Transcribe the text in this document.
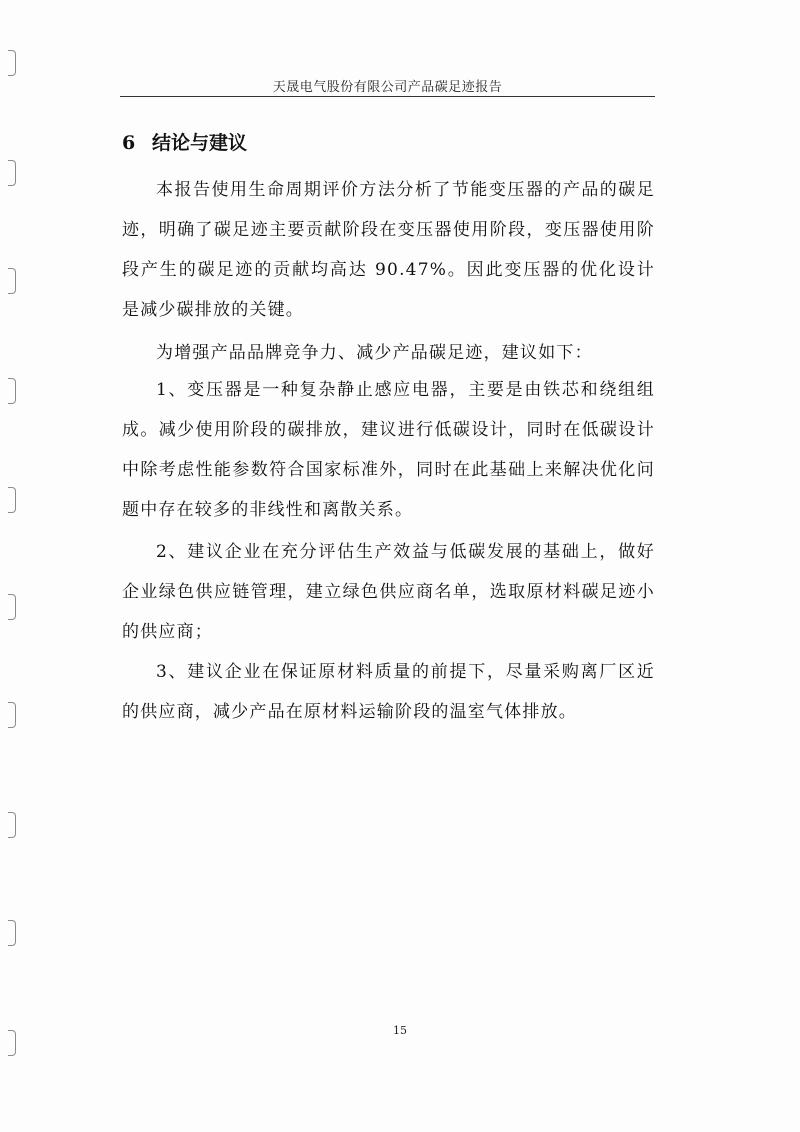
天晟电气股份有限公司产品碳足迹报告
6 结论与建议

本报告使用生命周期评价方法分析了节能变压器的产品的碳足迹，明确了碳足迹主要贡献阶段在变压器使用阶段，变压器使用阶段产生的碳足迹的贡献均高达 90.47%。因此变压器的优化设计是减少碳排放的关键。

为增强产品品牌竞争力、减少产品碳足迹，建议如下：

1、变压器是一种复杂静止感应电器，主要是由铁芯和绕组组成。减少使用阶段的碳排放，建议进行低碳设计，同时在低碳设计中除考虑性能参数符合国家标准外，同时在此基础上来解决优化问题中存在较多的非线性和离散关系。

2、建议企业在充分评估生产效益与低碳发展的基础上，做好企业绿色供应链管理，建立绿色供应商名单，选取原材料碳足迹小的供应商；

3、建议企业在保证原材料质量的前提下，尽量采购离厂区近的供应商，减少产品在原材料运输阶段的温室气体排放。

15
